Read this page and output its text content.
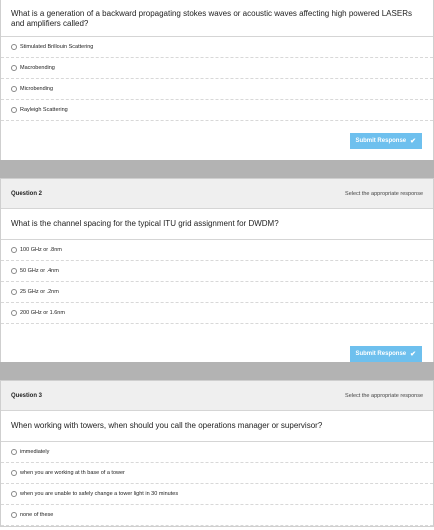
What is a generation of a backward propagating stokes waves or acoustic waves affecting high powered LASERs and amplifiers called?
Stimulated Brillouin Scattering
Macrobending
Microbending
Rayleigh Scattering
Submit Response ✔
Question 2	Select the appropriate response
What is the channel spacing for the typical ITU grid assignment for DWDM?
100 GHz or .8nm
50 GHz or .4nm
25 GHz or .2nm
200 GHz or 1.6nm
Submit Response ✔
Question 3	Select the appropriate response
When working with towers, when should you call the operations manager or supervisor?
immediately
when you are working at th base of a tower
when you are unable to safely change a tower light in 30 minutes
none of these
